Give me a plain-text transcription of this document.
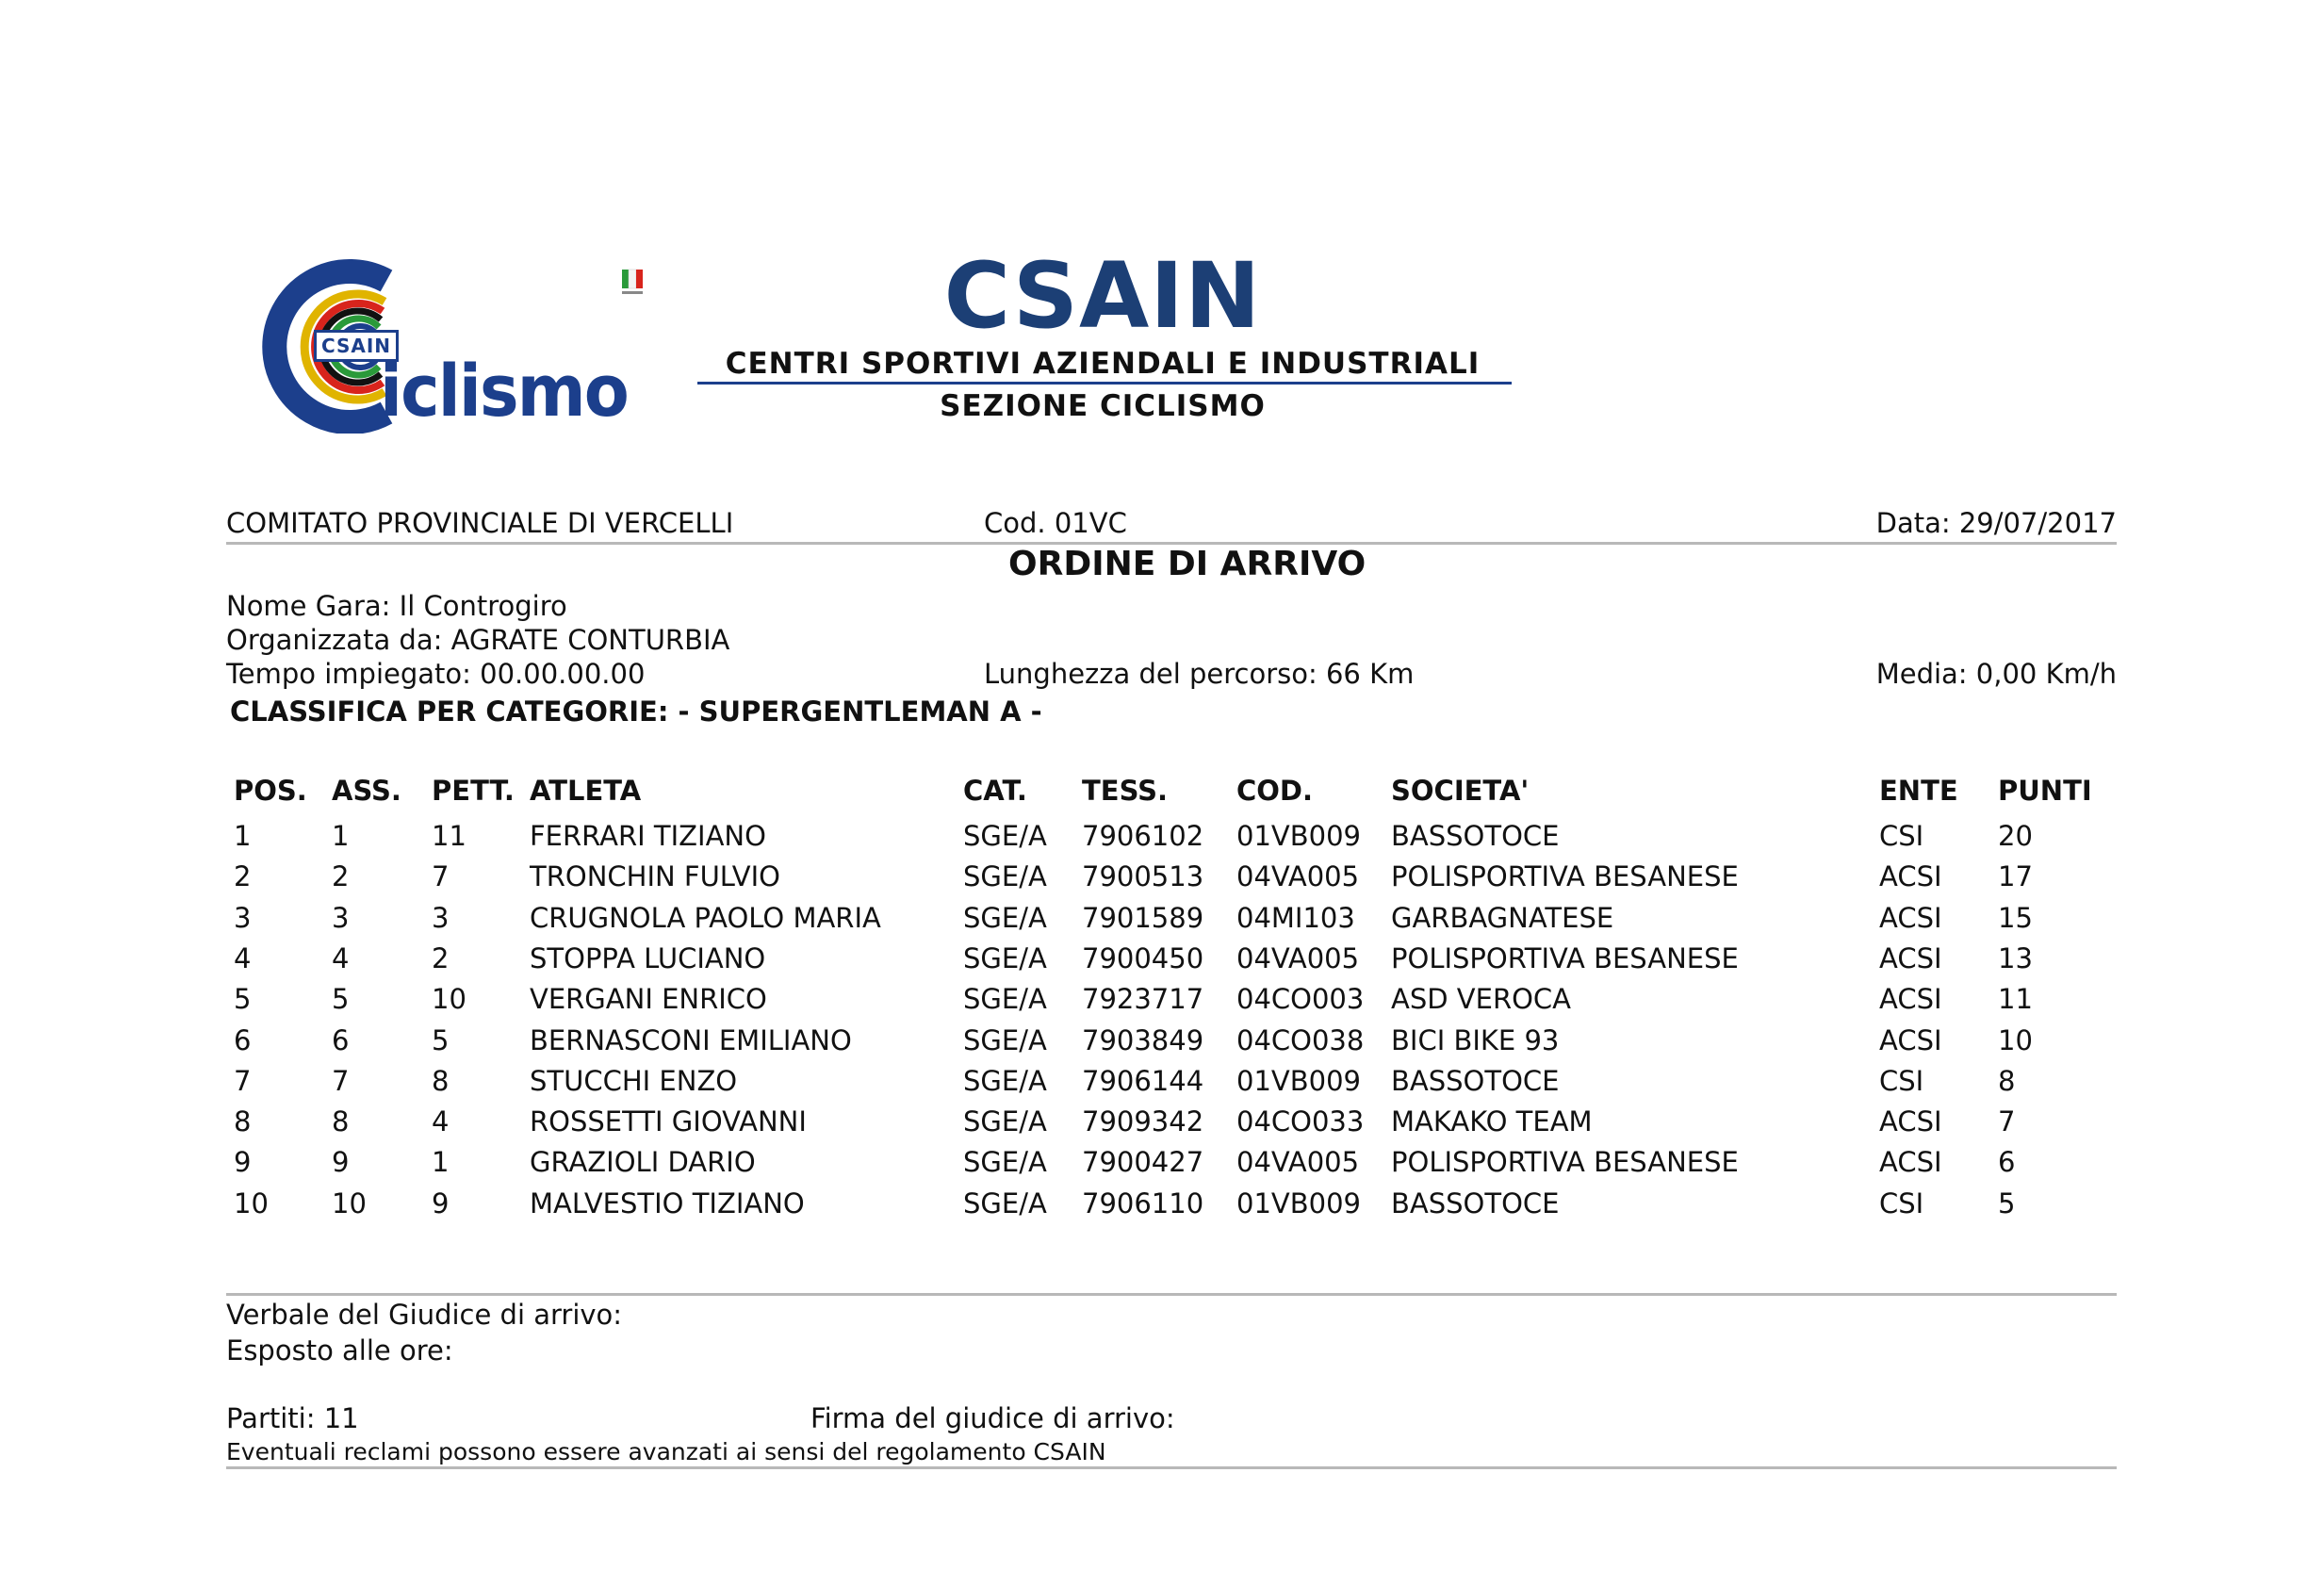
CSAIN
iclismo
CSAIN
CENTRI SPORTIVI AZIENDALI E INDUSTRIALI
SEZIONE CICLISMO
COMITATO PROVINCIALE DI VERCELLI	Cod. 01VC	Data: 29/07/2017
ORDINE DI ARRIVO
Nome Gara: Il Controgiro
Organizzata da: AGRATE CONTURBIA
Tempo impiegato: 00.00.00.00	Lunghezza del percorso: 66 Km	Media: 0,00 Km/h
CLASSIFICA PER CATEGORIE: - SUPERGENTLEMAN A -
POS. ASS. PETT. ATLETA	CAT. TESS.	COD.	SOCIETA'	ENTE PUNTI
1	1	11 FERRARI TIZIANO	SGE/A 7906102 01VB009 BASSOTOCE	CSI	20
2	2	7	TRONCHIN FULVIO	SGE/A 7900513 04VA005 POLISPORTIVA BESANESE	ACSI 17
3	3	3	CRUGNOLA PAOLO MARIA	SGE/A 7901589 04MI103 GARBAGNATESE	ACSI 15
4	4	2	STOPPA LUCIANO	SGE/A 7900450 04VA005 POLISPORTIVA BESANESE	ACSI 13
5	5	10 VERGANI ENRICO	SGE/A 7923717 04CO003 ASD VEROCA	ACSI 11
6	6	5	BERNASCONI EMILIANO	SGE/A 7903849 04CO038 BICI BIKE 93	ACSI 10
7	7	8	STUCCHI ENZO	SGE/A 7906144 01VB009 BASSOTOCE	CSI	8
8	8	4	ROSSETTI GIOVANNI	SGE/A 7909342 04CO033 MAKAKO TEAM	ACSI 7
9	9	1	GRAZIOLI DARIO	SGE/A 7900427 04VA005 POLISPORTIVA BESANESE	ACSI 6
10 10 9	MALVESTIO TIZIANO	SGE/A 7906110 01VB009 BASSOTOCE	CSI	5
Verbale del Giudice di arrivo:
Esposto alle ore:
Partiti: 11	Firma del giudice di arrivo:
Eventuali reclami possono essere avanzati ai sensi del regolamento CSAIN
